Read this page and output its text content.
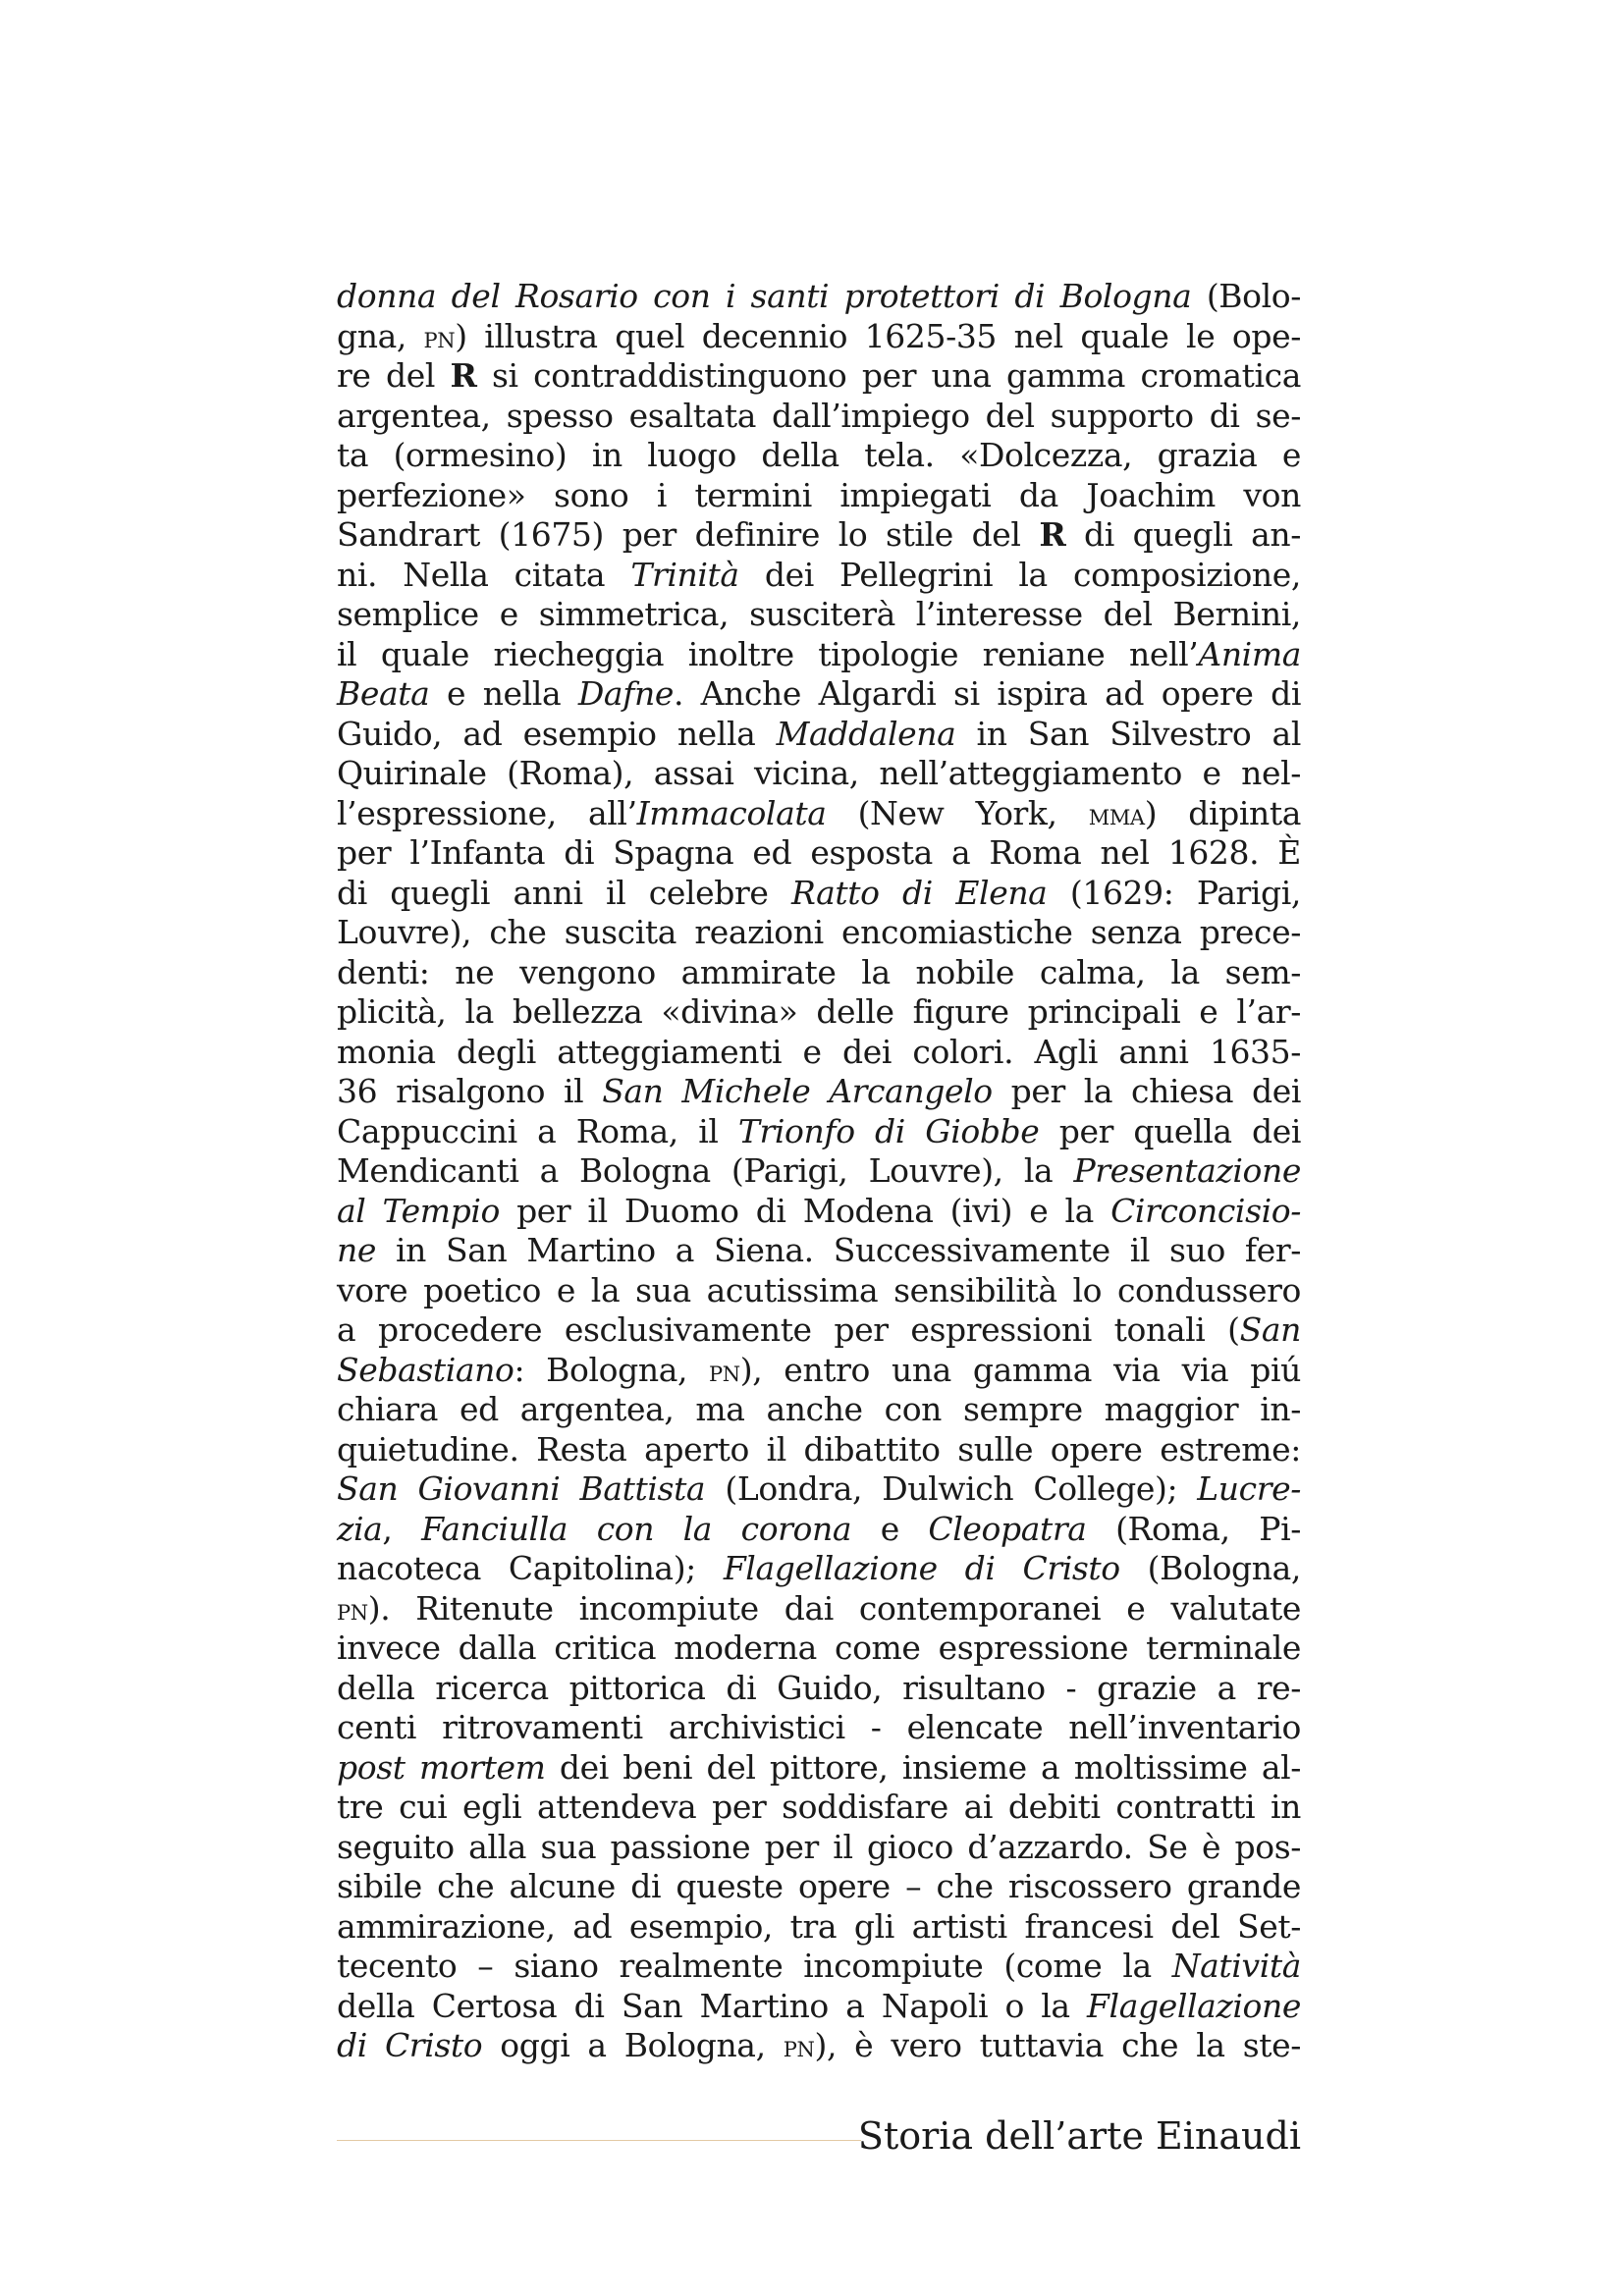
donna del Rosario con i santi protettori di Bologna (Bolo-
gna, pn) illustra quel decennio 1625-35 nel quale le ope-
re del R si contraddistinguono per una gamma cromatica
argentea, spesso esaltata dall’impiego del supporto di se-
ta (ormesino) in luogo della tela. «Dolcezza, grazia e
perfezione» sono i termini impiegati da Joachim von
Sandrart (1675) per definire lo stile del R di quegli an-
ni. Nella citata Trinità dei Pellegrini la composizione,
semplice e simmetrica, susciterà l’interesse del Bernini,
il quale riecheggia inoltre tipologie reniane nell’Anima
Beata e nella Dafne. Anche Algardi si ispira ad opere di
Guido, ad esempio nella Maddalena in San Silvestro al
Quirinale (Roma), assai vicina, nell’atteggiamento e nel-
l’espressione, all’Immacolata (New York, mma) dipinta
per l’Infanta di Spagna ed esposta a Roma nel 1628. È
di quegli anni il celebre Ratto di Elena (1629: Parigi,
Louvre), che suscita reazioni encomiastiche senza prece-
denti: ne vengono ammirate la nobile calma, la sem-
plicità, la bellezza «divina» delle figure principali e l’ar-
monia degli atteggiamenti e dei colori. Agli anni 1635-
36 risalgono il San Michele Arcangelo per la chiesa dei
Cappuccini a Roma, il Trionfo di Giobbe per quella dei
Mendicanti a Bologna (Parigi, Louvre), la Presentazione
al Tempio per il Duomo di Modena (ivi) e la Circoncisio-
ne in San Martino a Siena. Successivamente il suo fer-
vore poetico e la sua acutissima sensibilità lo condussero
a procedere esclusivamente per espressioni tonali (San
Sebastiano: Bologna, pn), entro una gamma via via piú
chiara ed argentea, ma anche con sempre maggior in-
quietudine. Resta aperto il dibattito sulle opere estreme:
San Giovanni Battista (Londra, Dulwich College); Lucre-
zia, Fanciulla con la corona e Cleopatra (Roma, Pi-
nacoteca Capitolina); Flagellazione di Cristo (Bologna,
pn). Ritenute incompiute dai contemporanei e valutate
invece dalla critica moderna come espressione terminale
della ricerca pittorica di Guido, risultano - grazie a re-
centi ritrovamenti archivistici - elencate nell’inventario
post mortem dei beni del pittore, insieme a moltissime al-
tre cui egli attendeva per soddisfare ai debiti contratti in
seguito alla sua passione per il gioco d’azzardo. Se è pos-
sibile che alcune di queste opere – che riscossero grande
ammirazione, ad esempio, tra gli artisti francesi del Set-
tecento – siano realmente incompiute (come la Natività
della Certosa di San Martino a Napoli o la Flagellazione
di Cristo oggi a Bologna, pn), è vero tuttavia che la ste-
Storia dell’arte Einaudi
